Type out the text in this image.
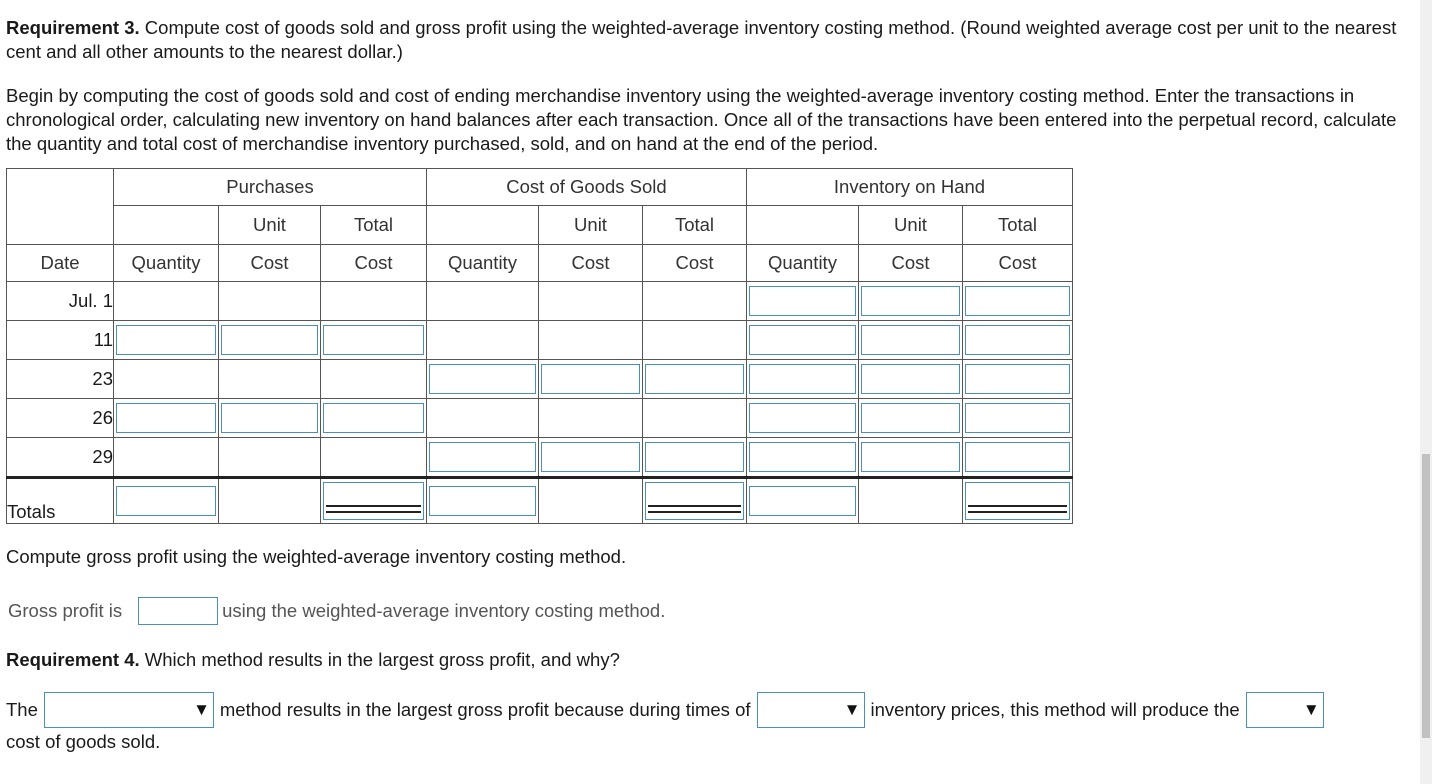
Requirement 3. Compute cost of goods sold and gross profit using the weighted-average inventory costing method. (Round weighted average cost per unit to the nearest cent and all other amounts to the nearest dollar.)

Begin by computing the cost of goods sold and cost of ending merchandise inventory using the weighted-average inventory costing method. Enter the transactions in chronological order, calculating new inventory on hand balances after each transaction. Once all of the transactions have been entered into the perpetual record, calculate the quantity and total cost of merchandise inventory purchased, sold, and on hand at the end of the period.

	Purchases			Cost of Goods Sold			Inventory on Hand		
		Unit	Total		Unit	Total		Unit	Total
Date	Quantity	Cost	Cost	Quantity	Cost	Cost	Quantity	Cost	Cost
Jul. 1							

11	

23				

26	

29				

Totals	

Compute gross profit using the weighted-average inventory costing method.

Gross profit is	using the weighted-average inventory costing method.

Requirement 4. Which method results in the largest gross profit, and why?

The	▼ method results in the largest gross profit because during times of	▼ inventory prices, this method will produce the	▼
cost of goods sold.
